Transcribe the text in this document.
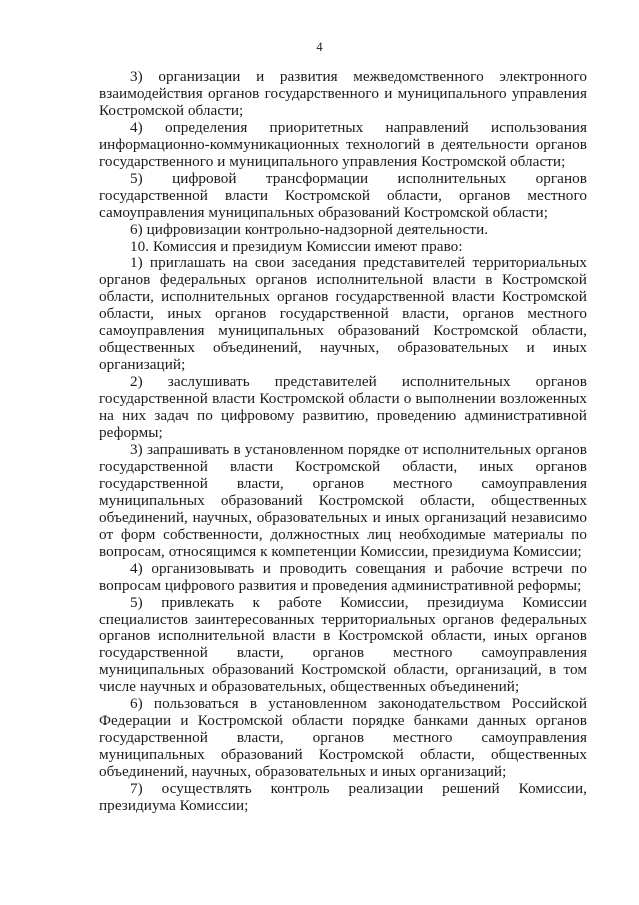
4

3) организации и развития межведомственного электронного взаимодействия органов государственного и муниципального управления Костромской области;

4) определения приоритетных направлений использования информационно-коммуникационных технологий в деятельности органов государственного и муниципального управления Костромской области;

5) цифровой трансформации исполнительных органов государственной власти Костромской области, органов местного самоуправления муниципальных образований Костромской области;

6) цифровизации контрольно-надзорной деятельности.

10. Комиссия и президиум Комиссии имеют право:

1) приглашать на свои заседания представителей территориальных органов федеральных органов исполнительной власти в Костромской области, исполнительных органов государственной власти Костромской области, иных органов государственной власти, органов местного самоуправления муниципальных образований Костромской области, общественных объединений, научных, образовательных и иных организаций;

2) заслушивать представителей исполнительных органов государственной власти Костромской области о выполнении возложенных на них задач по цифровому развитию, проведению административной реформы;

3) запрашивать в установленном порядке от исполнительных органов государственной власти Костромской области, иных органов государственной власти, органов местного самоуправления муниципальных образований Костромской области, общественных объединений, научных, образовательных и иных организаций независимо от форм собственности, должностных лиц необходимые материалы по вопросам, относящимся к компетенции Комиссии, президиума Комиссии;

4) организовывать и проводить совещания и рабочие встречи по вопросам цифрового развития и проведения административной реформы;

5) привлекать к работе Комиссии, президиума Комиссии специалистов заинтересованных территориальных органов федеральных органов исполнительной власти в Костромской области, иных органов государственной власти, органов местного самоуправления муниципальных образований Костромской области, организаций, в том числе научных и образовательных, общественных объединений;

6) пользоваться в установленном законодательством Российской Федерации и Костромской области порядке банками данных органов государственной власти, органов местного самоуправления муниципальных образований Костромской области, общественных объединений, научных, образовательных и иных организаций;

7) осуществлять контроль реализации решений Комиссии, президиума Комиссии;
